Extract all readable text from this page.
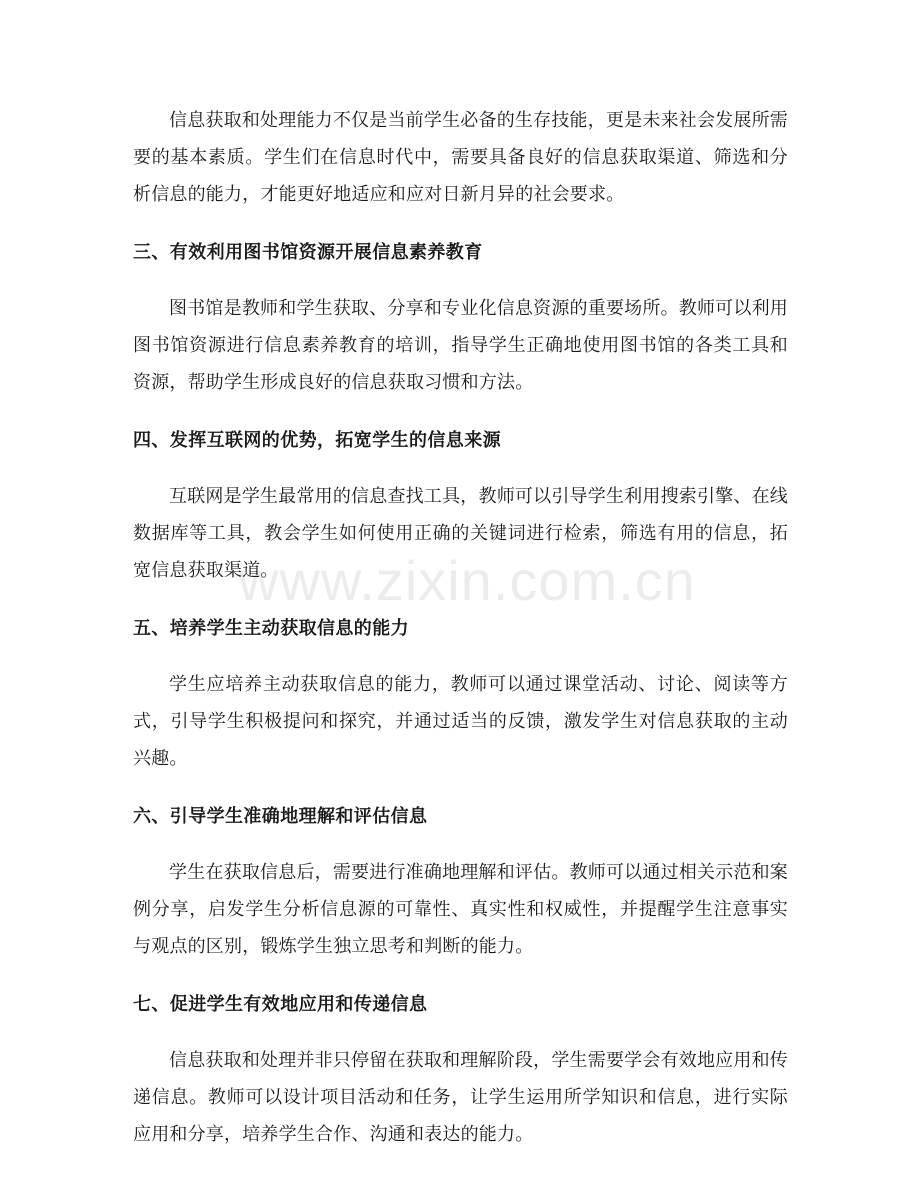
信息获取和处理能力不仅是当前学生必备的生存技能，更是未来社会发展所需要的基本素质。学生们在信息时代中，需要具备良好的信息获取渠道、筛选和分析信息的能力，才能更好地适应和应对日新月异的社会要求。

三、有效利用图书馆资源开展信息素养教育

图书馆是教师和学生获取、分享和专业化信息资源的重要场所。教师可以利用图书馆资源进行信息素养教育的培训，指导学生正确地使用图书馆的各类工具和资源，帮助学生形成良好的信息获取习惯和方法。

四、发挥互联网的优势，拓宽学生的信息来源

互联网是学生最常用的信息查找工具，教师可以引导学生利用搜索引擎、在线数据库等工具，教会学生如何使用正确的关键词进行检索，筛选有用的信息，拓宽信息获取渠道。

五、培养学生主动获取信息的能力

学生应培养主动获取信息的能力，教师可以通过课堂活动、讨论、阅读等方式，引导学生积极提问和探究，并通过适当的反馈，激发学生对信息获取的主动兴趣。

六、引导学生准确地理解和评估信息

学生在获取信息后，需要进行准确地理解和评估。教师可以通过相关示范和案例分享，启发学生分析信息源的可靠性、真实性和权威性，并提醒学生注意事实与观点的区别，锻炼学生独立思考和判断的能力。

七、促进学生有效地应用和传递信息

信息获取和处理并非只停留在获取和理解阶段，学生需要学会有效地应用和传递信息。教师可以设计项目活动和任务，让学生运用所学知识和信息，进行实际应用和分享，培养学生合作、沟通和表达的能力。

www.zixin.com.cn
